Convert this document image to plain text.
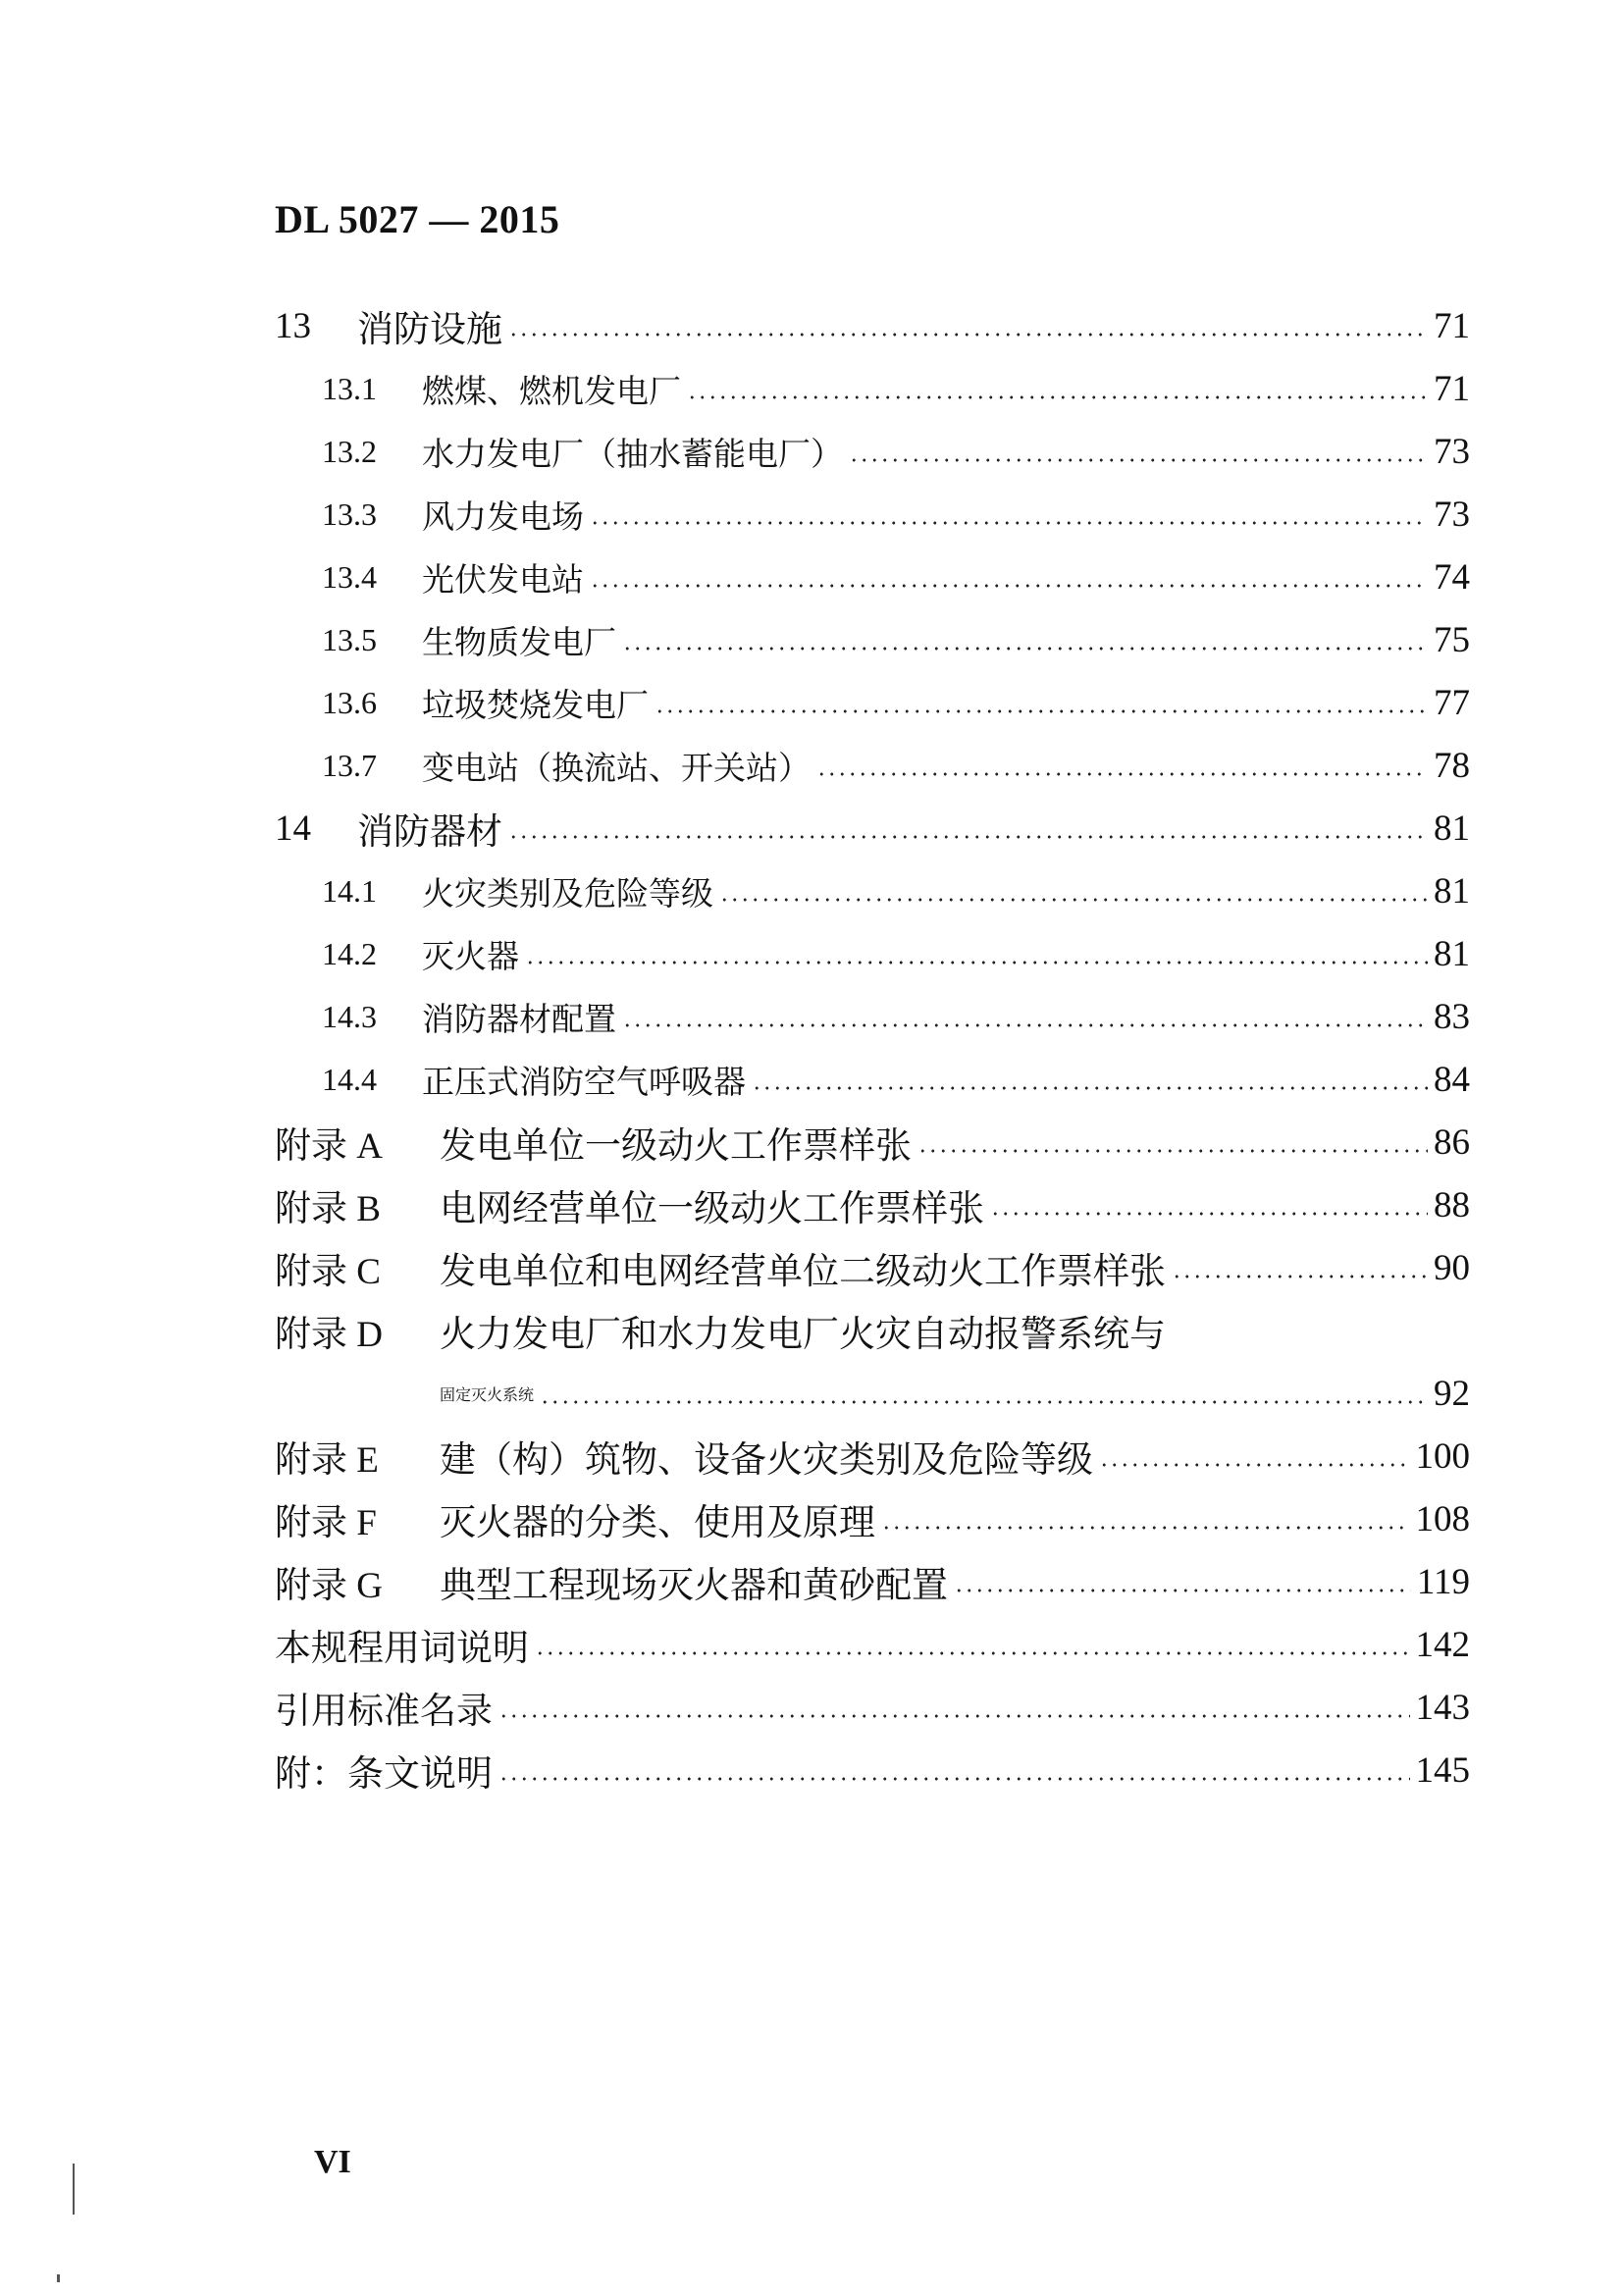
DL 5027 — 2015
13	消防设施	71
13.1	燃煤、燃机发电厂	71
13.2	水力发电厂（抽水蓄能电厂）	73
13.3	风力发电场	73
13.4	光伏发电站	74
13.5	生物质发电厂	75
13.6	垃圾焚烧发电厂	77
13.7	变电站（换流站、开关站）	78
14	消防器材	81
14.1	火灾类别及危险等级	81
14.2	灭火器	81
14.3	消防器材配置	83
14.4	正压式消防空气呼吸器	84
附录 A	发电单位一级动火工作票样张	86
附录 B	电网经营单位一级动火工作票样张	88
附录 C	发电单位和电网经营单位二级动火工作票样张	90
附录 D	火力发电厂和水力发电厂火灾自动报警系统与
固定灭火系统	92
附录 E	建（构）筑物、设备火灾类别及危险等级	100
附录 F	灭火器的分类、使用及原理	108
附录 G	典型工程现场灭火器和黄砂配置	119
本规程用词说明	142
引用标准名录	143
附：条文说明	145
VI
